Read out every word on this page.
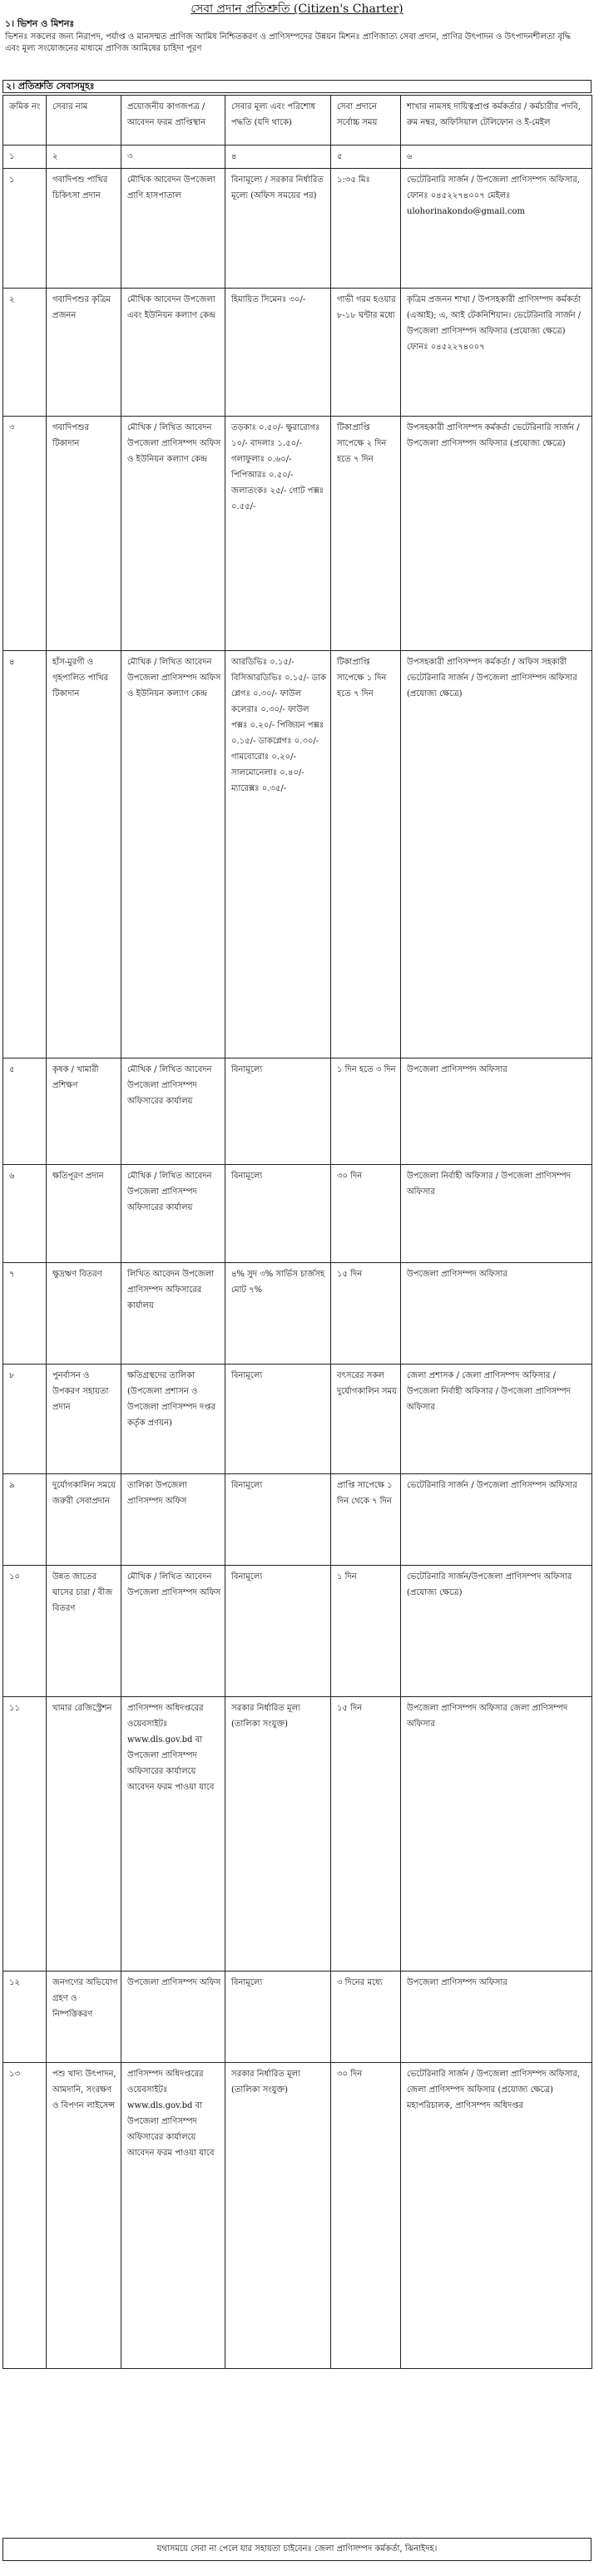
সেবা প্রদান প্রতিশ্রুতি (Citizen's Charter)
১। ভিশন ও মিশনঃ
ভিশনঃ সকলের জন্য নিরাপদ, পর্যাপ্ত ও মানসম্মত প্রাণিজ আমিষ নিশ্চিতকরণ ও প্রাণিসম্পদের উন্নয়ন মিশনঃ প্রাণিজাত্য সেবা প্রদান, প্রাণির উৎপাদন ও উৎপাদনশীলতা বৃদ্ধি এবং মূল্য সংযোজনের মাধ্যমে প্রাণিজ আমিষের চাহিদা পূরণ
২। প্রতিশ্রুতি সেবাসমূহঃ
ক্রমিক নং	সেবার নাম	প্রয়োজনীয় কাগজপত্র / আবেদন ফরম প্রাপ্তিস্থান	সেবার মূল্য এবং পরিশোধ পদ্ধতি (যদি থাকে)	সেবা প্রদানে সর্বোচ্চ সময়	শাখার নামসহ দায়িত্বপ্রাপ্ত কর্মকর্তার / কর্মচারীর পদবি, রুম নম্বর, অফিসিয়াল টেলিফোন ও ই-মেইল
১	২	৩	৪	৫	৬
১	গবাদিপশু পাখির চিকিৎসা প্রদান	মৌখিক আবেদন উপজেলা প্রাণি হাসপাতাল	বিনামূল্যে / সরকার নির্ধারিত মূল্যে (অফিস সময়ের পর)	১:৩৫ মিঃ	ভেটেরিনারি সার্জন / উপজেলা প্রাণিসম্পদ অফিসার, ফোনঃ ০৪৫২২৭৪০০৭ মেইলঃ ulohorinakondo@gmail.com
২	গবাদিপশুর কৃত্রিম প্রজনন	মৌখিক আবেদন উপজেলা এবং ইউনিয়ন কল্যাণ কেন্দ্র	হিমায়িত সিমেনঃ ৩০/-	গাভী গরম হওয়ার ৮-১৮ ঘন্টার মধ্যে	কৃত্রিম প্রজনন শাখা / উপসহকারী প্রাণিসম্পদ কর্মকর্তা (এআই); এ, আই টেকনিশিয়ান। ভেটেরিনারি সার্জন / উপজেলা প্রাণিসম্পদ অফিসার (প্রযোজ্য ক্ষেত্রে) ফোনঃ ০৪৫২২৭৪০০৭
৩	গবাদিপশুর টিকাদান	মৌখিক / লিখিত আবেদন উপজেলা প্রাণিসম্পদ অফিস ও ইউনিয়ন কল্যাণ কেন্দ্র	তড়কাঃ ০.৫০/- ক্ষুরারোগঃ ১০/- বাদলাঃ ১.৫০/- গলাফুলাঃ ০.৬০/- পিপিআরঃ ০.৫০/- জলাতংকঃ ২৫/- গোট পক্সঃ ০.৫৫/-	টিকাপ্রাপ্তি সাপেক্ষে ২ দিন হতে ৭ দিন	উপসহকারী প্রাণিসম্পদ কর্মকর্তা ভেটেরিনারি সার্জন / উপজেলা প্রাণিসম্পদ অফিসার (প্রযোজ্য ক্ষেত্রে)
৪	হাঁস-মুরগী ও গৃহপালিত পাখির টিকাদান	মৌখিক / লিখিত আবেদন উপজেলা প্রাণিসম্পদ অফিস ও ইউনিয়ন কল্যাণ কেন্দ্র	আরডিভিঃ ০.১৫/- বিসিআরডিভিঃ ০.১৫/- ডাক প্লেগঃ ০.৩০/- ফাউল কলেরাঃ ০.৩০/- ফাউল পক্সঃ ০.২০/- পিজিয়ন পক্সঃ ০.১৫/- ডাকপ্লেগঃ ০.৩০/- গামবোরোঃ ০.২০/- সালমোনেলাঃ ০.৪০/- ম্যারেক্সঃ ০.৩৫/-	টিকাপ্রাপ্তি সাপেক্ষে ১ দিন হতে ৭ দিন	উপসহকারী প্রাণিসম্পদ কর্মকর্তা / অফিস সহকারী ভেটেরিনারি সার্জন / উপজেলা প্রাণিসম্পদ অফিসার (প্রযোজ্য ক্ষেত্রে)
৫	কৃষক / খামারী প্রশিক্ষণ	মৌখিক / লিখিত আবেদন উপজেলা প্রাণিসম্পদ অফিসারের কার্যালয়	বিনামূল্যে	১ দিন হতে ৩ দিন	উপজেলা প্রাণিসম্পদ অফিসার
৬	ক্ষতিপূরণ প্রদান	মৌখিক / লিখিত আবেদন উপজেলা প্রাণিসম্পদ অফিসারের কার্যালয়	বিনামূল্যে	৩০ দিন	উপজেলা নির্বাহী অফিসার / উপজেলা প্রাণিসম্পদ অফিসার
৭	ক্ষুদ্রঋণ বিতরণ	লিখিত আবেদন উপজেলা প্রাণিসম্পদ অফিসারের কার্যালয়	৪% সুদ ৩% সার্ভিস চার্জসহ মোট ৭%	১৫ দিন	উপজেলা প্রাণিসম্পদ অফিসার
৮	পুনর্বাসন ও উপকরণ সহায়তা প্রদান	ক্ষতিগ্রস্থদের তালিকা (উপজেলা প্রশাসন ও উপজেলা প্রাণিসম্পদ দপ্তর কর্তৃক প্রণয়ন)	বিনামূল্যে	বৎসরের সকল দুর্যোগকালিন সময়	জেলা প্রশাসক / জেলা প্রাণিসম্পদ অফিসার / উপজেলা নির্বাহী অফিসার / উপজেলা প্রাণিসম্পদ অফিসার
৯	দুর্যোগকালিন সময়ে জরুরী সেবাপ্রদান	তালিকা উপজেলা প্রাণিসম্পদ অফিস	বিনামূল্যে	প্রাপ্তি সাপেক্ষে ১ দিন থেকে ৭ দিন	ভেটেরিনারি সার্জন / উপজেলা প্রাণিসম্পদ অফিসার
১০	উন্নত জাতের ঘাসের চারা / বীজ বিতরণ	মৌখিক / লিখিত আবেদন উপজেলা প্রাণিসম্পদ অফিস	বিনামূল্যে	১ দিন	ভেটেরিনারি সার্জন/উপজেলা প্রাণিসম্পদ অফিসার (প্রযোজ্য ক্ষেত্রে)
১১	খামার রেজিস্ট্রেশন	প্রাণিসম্পদ অধিদপ্তরের ওয়েবসাইটঃ www.dls.gov.bd বা উপজেলা প্রাণিসম্পদ অফিসারের কার্যালয়ে আবেদন ফরম পাওয়া যাবে	সরকার নির্ধারিত মূল্য (তালিকা সংযুক্ত)	১৫ দিন	উপজেলা প্রাণিসম্পদ অফিসার জেলা প্রাণিসম্পদ অফিসার
১২	জনগণের অভিযোগ গ্রহণ ও নিষ্পত্তিকরণ	উপজেলা প্রাণিসম্পদ অফিস	বিনামূল্যে	৩ দিনের মধ্যে	উপজেলা প্রাণিসম্পদ অফিসার
১৩	পশু খাদ্য উৎপাদন, আমদানি, সংরক্ষণ ও বিপণন লাইসেন্স	প্রাণিসম্পদ অধিদপ্তরের ওয়েবসাইটঃ www.dls.gov.bd বা উপজেলা প্রাণিসম্পদ অফিসারের কার্যালয়ে আবেদন ফরম পাওয়া যাবে	সরকার নির্ধারিত মূল্য (তালিকা সংযুক্ত)	৩০ দিন	ভেটেরিনারি সার্জন / উপজেলা প্রাণিসম্পদ অফিসার, জেলা প্রাণিসম্পদ অফিসার (প্রযোজ্য ক্ষেত্রে) মহাপরিচালক, প্রাণিসম্পদ অধিদপ্তর
যথাসময়ে সেবা না পেলে যার সহায়তা চাইবেনঃ জেলা প্রাণিসম্পদ কর্মকর্তা, ঝিনাইদহ।
